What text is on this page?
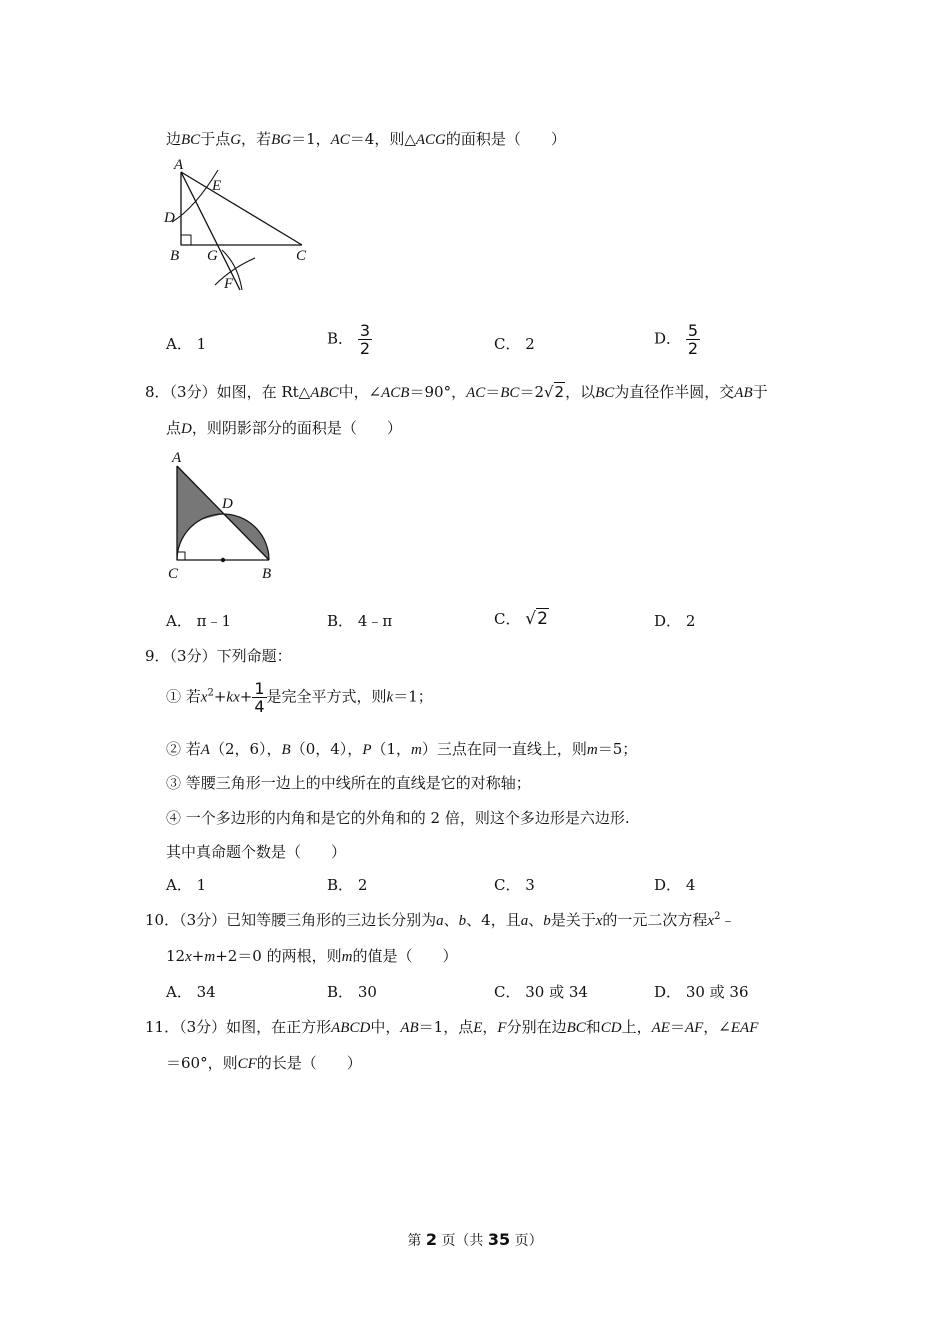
边BC于点G，若BG＝1，AC＝4，则△ACG的面积是（　　）
A
E
D
B G	C
F
A． 1	B． $\frac{3}{2}$	C． 2	D． $\frac{5}{2}$
8．（3分）如图，在 Rt△ABC中，∠ACB＝90°，AC＝BC＝2√2，以BC为直径作半圆，交AB于
点D，则阴影部分的面积是（　　）
A
D
C	B
A． π﹣1	B． 4﹣π	C． √2	D． 2
9．（3分）下列命题：
① 若$x^2+kx+ \frac{1}{4}$ 是完全平方式，则k＝1；
② 若A（2，6），B（0，4），P（1，m）三点在同一直线上，则m＝5；
③ 等腰三角形一边上的中线所在的直线是它的对称轴；
④ 一个多边形的内角和是它的外角和的 2 倍，则这个多边形是六边形.
其中真命题个数是（　　）
A． 1	B． 2	C． 3	D． 4
10．（3分）已知等腰三角形的三边长分别为a、b、4，且a、b是关于x的一元二次方程$x^2﹣$
12x+m+2＝0 的两根，则m的值是（　　）
A． 34	B． 30	C． 30 或 34	D． 30 或 36
11．（3分）如图，在正方形ABCD中，AB＝1，点E，F分别在边BC和CD上，AE＝AF，∠EAF
＝60°，则CF的长是（　　）
第 2 页（共 35 页）
